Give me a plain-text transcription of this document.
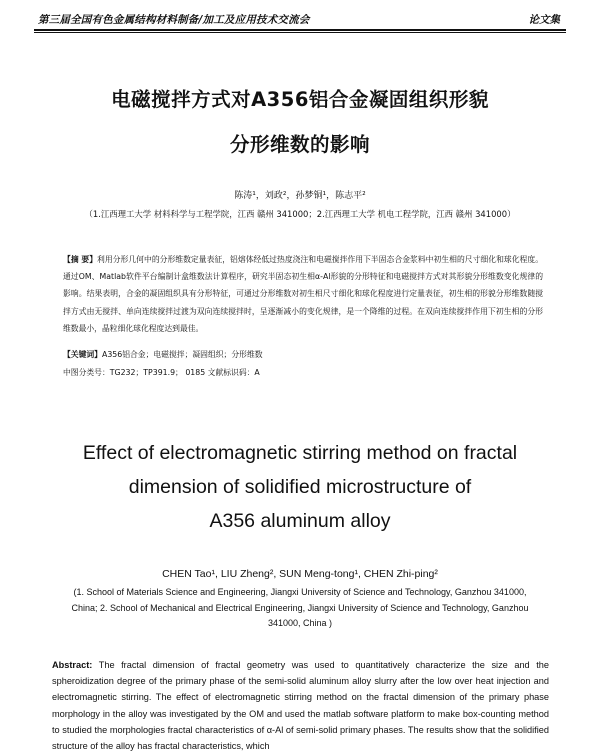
第三届全国有色金属结构材料制备/加工及应用技术交流会	论文集
电磁搅拌方式对A356铝合金凝固组织形貌
分形维数的影响
陈涛¹，刘政²，孙梦铜¹，陈志平²
（1.江西理工大学 材料科学与工程学院，江西 赣州 341000；2.江西理工大学 机电工程学院，江西 赣州 341000）
【摘 要】利用分形几何中的分形维数定量表征，铝熔体经低过热度浇注和电磁搅拌作用下半固态合金浆料中初生相的尺寸细化和球化程度。通过OM、Matlab软件平台编制计盒维数法计算程序，研究半固态初生相α-Al形貌的分形特征和电磁搅拌方式对其形貌分形维数变化规律的影响。结果表明，合金的凝固组织具有分形特征，可通过分形维数对初生相尺寸细化和球化程度进行定量表征，初生相的形貌分形维数随搅拌方式由无搅拌、单向连续搅拌过渡为双向连续搅拌时，呈逐渐减小的变化规律，是一个降维的过程。在双向连续搅拌作用下初生相的分形维数最小，晶粒细化球化程度达到最佳。
【关键词】A356铝合金；电磁搅拌；凝固组织；分形维数
中图分类号：TG232；TP391.9； 0185 文献标识码：A
Effect of electromagnetic stirring method on fractal
dimension of solidified microstructure of
A356 aluminum alloy
CHEN Tao¹, LIU Zheng², SUN Meng-tong¹, CHEN Zhi-ping²
(1. School of Materials Science and Engineering, Jiangxi University of Science and Technology, Ganzhou 341000, China; 2. School of Mechanical and Electrical Engineering, Jiangxi University of Science and Technology, Ganzhou 341000, China )
Abstract: The fractal dimension of fractal geometry was used to quantitatively characterize the size and the spheroidization degree of the primary phase of the semi-solid aluminum alloy slurry after the low over heat injection and electromagnetic stirring. The effect of electromagnetic stirring method on the fractal dimension of the primary phase morphology in the alloy was investigated by the OM and used the matlab software platform to make box-counting method to studied the morphologies fractal characteristics of α-Al of semi-solid primary phases. The results show that the solidified structure of the alloy has fractal characteristics, which
